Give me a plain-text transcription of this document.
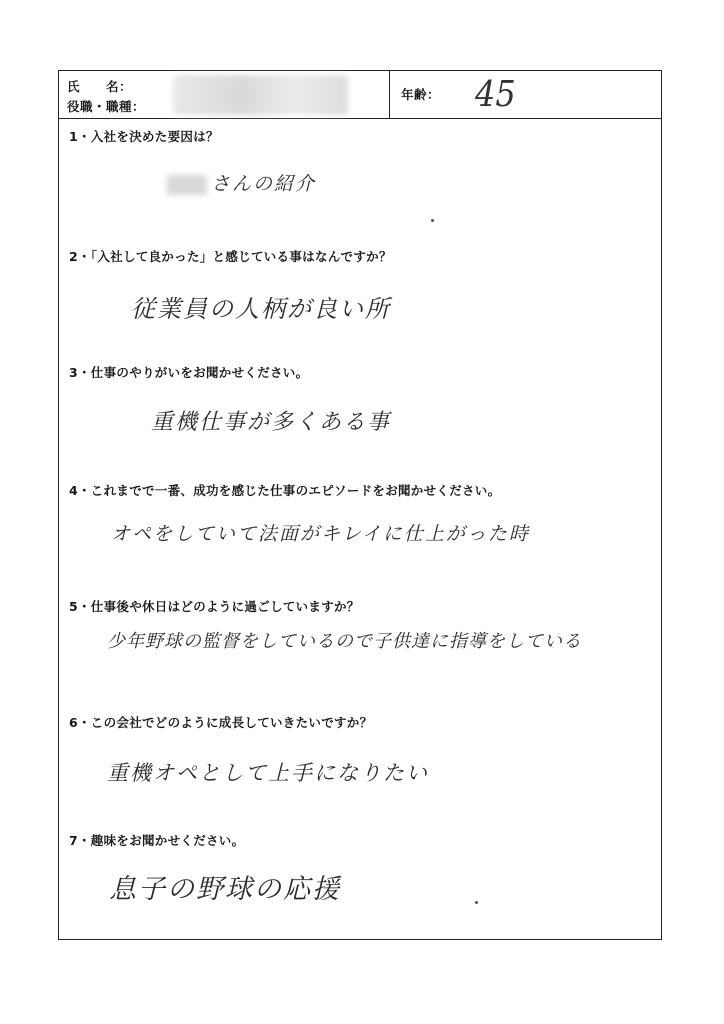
氏　　名：
役職・職種：
年齢： 45
1・入社を決めた要因は？
さんの紹介
2・「入社して良かった」と感じている事はなんですか？
従業員の人柄が良い所
3・仕事のやりがいをお聞かせください。
重機仕事が多くある事
4・これまでで一番、成功を感じた仕事のエピソードをお聞かせください。
オペをしていて法面がキレイに仕上がった時
5・仕事後や休日はどのように過ごしていますか？
少年野球の監督をしているので子供達に指導をしている
6・この会社でどのように成長していきたいですか？
重機オペとして上手になりたい
7・趣味をお聞かせください。
息子の野球の応援
